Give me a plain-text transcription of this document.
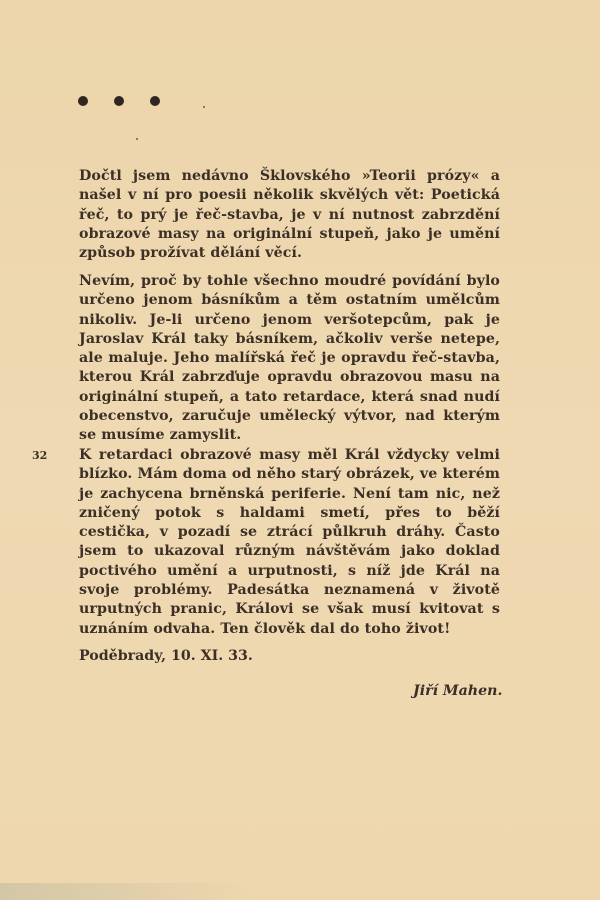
Dočtl jsem nedávno Šklovského »Teorii prózy« a našel v ní pro poesii několik skvělých vět: Poetická řeč, to prý je řeč-stavba, je v ní nutnost zabrzdění obrazové masy na originální stupeň, jako je umění způsob prožívat dělání věcí.

Nevím, proč by tohle všechno moudré povídání bylo určeno jenom básníkům a těm ostatním umělcům nikoliv. Je-li určeno jenom veršotepcům, pak je Jaroslav Král taky básníkem, ačkoliv verše netepe, ale maluje. Jeho malířská řeč je opravdu řeč-stavba, kterou Král zabrzďuje opravdu obrazovou masu na originální stupeň, a tato retardace, která snad nudí obecenstvo, zaručuje umělecký výtvor, nad kterým se musíme zamyslit.

32 K retardaci obrazové masy měl Král vždycky velmi blízko. Mám doma od něho starý obrázek, ve kterém je zachycena brněnská periferie. Není tam nic, než zničený potok s haldami smetí, přes to běží cestička, v pozadí se ztrácí půlkruh dráhy. Často jsem to ukazoval různým návštěvám jako doklad poctivého umění a urputnosti, s níž jde Král na svoje problémy. Padesátka neznamená v životě urputných pranic, Královi se však musí kvitovat s uznáním odvaha. Ten člověk dal do toho život!

Poděbrady, 10. XI. 33.
Jiří Mahen.
